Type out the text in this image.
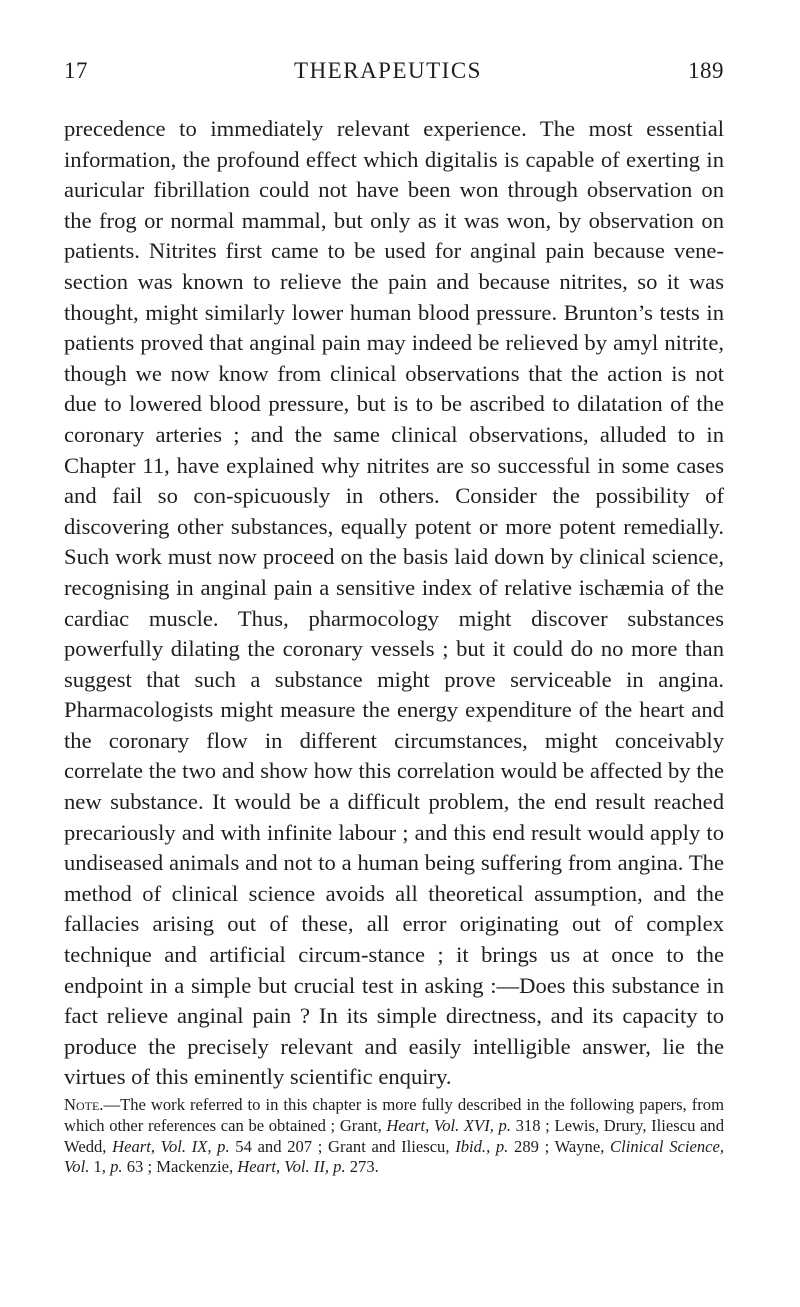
17	THERAPEUTICS	189

precedence to immediately relevant experience. The most essential information, the profound effect which digitalis is capable of exerting in auricular fibrillation could not have been won through observation on the frog or normal mammal, but only as it was won, by observation on patients. Nitrites first came to be used for anginal pain because vene-section was known to relieve the pain and because nitrites, so it was thought, might similarly lower human blood pressure. Brunton’s tests in patients proved that anginal pain may indeed be relieved by amyl nitrite, though we now know from clinical observations that the action is not due to lowered blood pressure, but is to be ascribed to dilatation of the coronary arteries ; and the same clinical observations, alluded to in Chapter 11, have explained why nitrites are so successful in some cases and fail so con-spicuously in others. Consider the possibility of discovering other substances, equally potent or more potent remedially. Such work must now proceed on the basis laid down by clinical science, recognising in anginal pain a sensitive index of relative ischæmia of the cardiac muscle. Thus, pharmocology might discover substances powerfully dilating the coronary vessels ; but it could do no more than suggest that such a substance might prove serviceable in angina. Pharmacologists might measure the energy expenditure of the heart and the coronary flow in different circumstances, might conceivably correlate the two and show how this correlation would be affected by the new substance. It would be a difficult problem, the end result reached precariously and with infinite labour ; and this end result would apply to undiseased animals and not to a human being suffering from angina. The method of clinical science avoids all theoretical assumption, and the fallacies arising out of these, all error originating out of complex technique and artificial circum-stance ; it brings us at once to the endpoint in a simple but crucial test in asking :—Does this substance in fact relieve anginal pain ? In its simple directness, and its capacity to produce the precisely relevant and easily intelligible answer, lie the virtues of this eminently scientific enquiry.

Note.—The work referred to in this chapter is more fully described in the following papers, from which other references can be obtained ; Grant, Heart, Vol. XVI, p. 318 ; Lewis, Drury, Iliescu and Wedd, Heart, Vol. IX, p. 54 and 207 ; Grant and Iliescu, Ibid., p. 289 ; Wayne, Clinical Science, Vol. 1, p. 63 ; Mackenzie, Heart, Vol. II, p. 273.
